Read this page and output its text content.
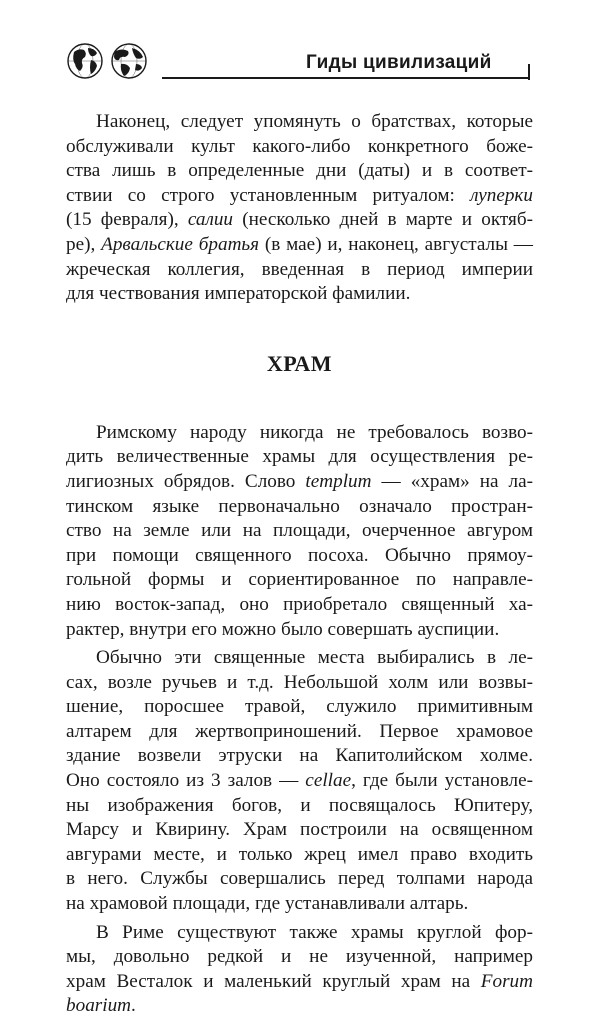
Гиды цивилизаций

Наконец, следует упомянуть о братствах, которые
обслуживали культ какого-либо конкретного боже-
ства лишь в определенные дни (даты) и в соответ-
ствии со строго установленным ритуалом: луперки
(15 февраля), салии (несколько дней в марте и октяб-
ре), Арвальские братья (в мае) и, наконец, августалы —
жреческая коллегия, введенная в период империи
для чествования императорской фамилии.

ХРАМ

Римскому народу никогда не требовалось возво-
дить величественные храмы для осуществления ре-
лигиозных обрядов. Слово templum — «храм» на ла-
тинском языке первоначально означало простран-
ство на земле или на площади, очерченное авгуром
при помощи священного посоха. Обычно прямоу-
гольной формы и сориентированное по направле-
нию восток-запад, оно приобретало священный ха-
рактер, внутри его можно было совершать ауспиции.

Обычно эти священные места выбирались в ле-
сах, возле ручьев и т.д. Небольшой холм или возвы-
шение, поросшее травой, служило примитивным
алтарем для жертвоприношений. Первое храмовое
здание возвели этруски на Капитолийском холме.
Оно состояло из 3 залов — cellae, где были установле-
ны изображения богов, и посвящалось Юпитеру,
Марсу и Квирину. Храм построили на освященном
авгурами месте, и только жрец имел право входить
в него. Службы совершались перед толпами народа
на храмовой площади, где устанавливали алтарь.

В Риме существуют также храмы круглой фор-
мы, довольно редкой и не изученной, например
храм Весталок и маленький круглый храм на Forum
boarium.
